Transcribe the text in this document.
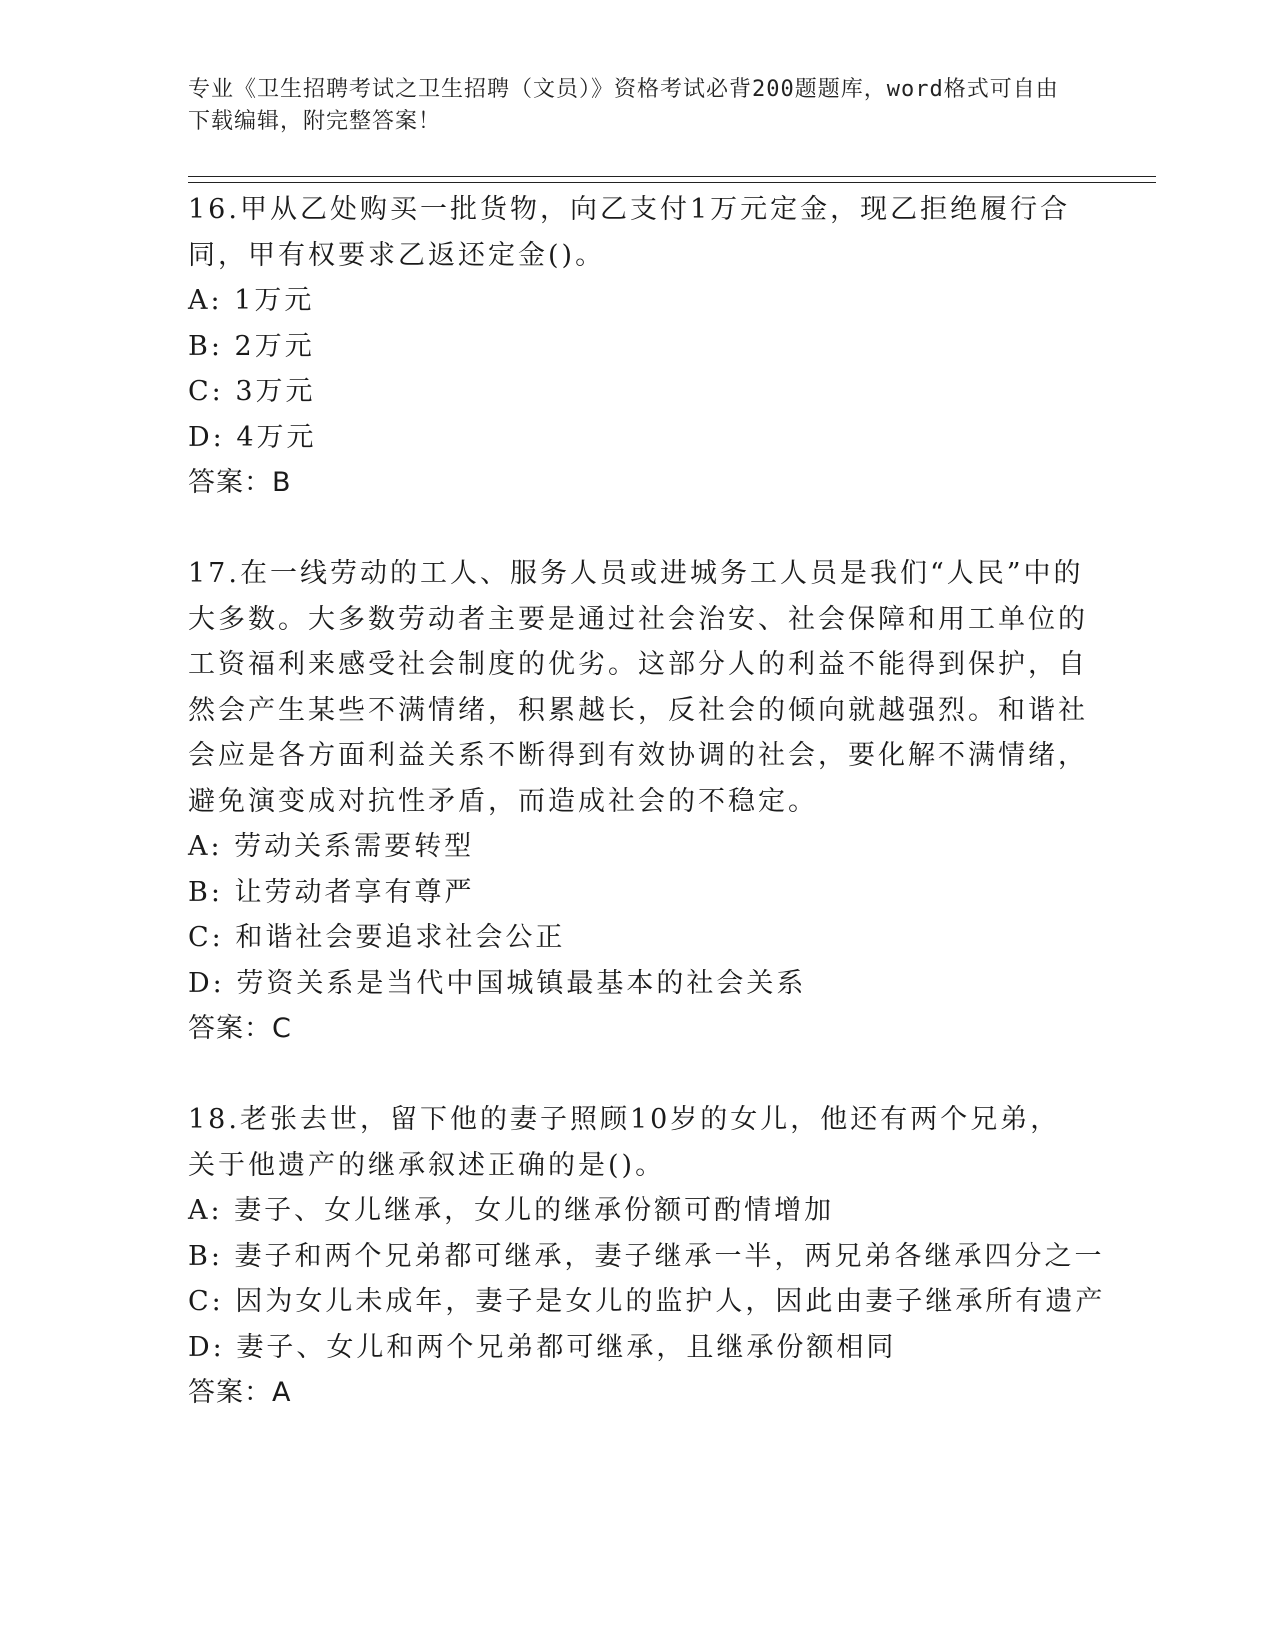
专业《卫生招聘考试之卫生招聘（文员）》资格考试必背200题题库，word格式可自由下载编辑，附完整答案！

16.甲从乙处购买一批货物，向乙支付1万元定金，现乙拒绝履行合同，甲有权要求乙返还定金()。

A: 1万元

B: 2万元

C: 3万元

D: 4万元

答案：B

17.在一线劳动的工人、服务人员或进城务工人员是我们“人民”中的大多数。大多数劳动者主要是通过社会治安、社会保障和用工单位的工资福利来感受社会制度的优劣。这部分人的利益不能得到保护，自然会产生某些不满情绪，积累越长，反社会的倾向就越强烈。和谐社会应是各方面利益关系不断得到有效协调的社会，要化解不满情绪，避免演变成对抗性矛盾，而造成社会的不稳定。

A: 劳动关系需要转型

B: 让劳动者享有尊严

C: 和谐社会要追求社会公正

D: 劳资关系是当代中国城镇最基本的社会关系

答案：C

18.老张去世，留下他的妻子照顾10岁的女儿，他还有两个兄弟，关于他遗产的继承叙述正确的是()。

A: 妻子、女儿继承，女儿的继承份额可酌情增加

B: 妻子和两个兄弟都可继承，妻子继承一半，两兄弟各继承四分之一

C: 因为女儿未成年，妻子是女儿的监护人，因此由妻子继承所有遗产

D: 妻子、女儿和两个兄弟都可继承，且继承份额相同

答案：A
